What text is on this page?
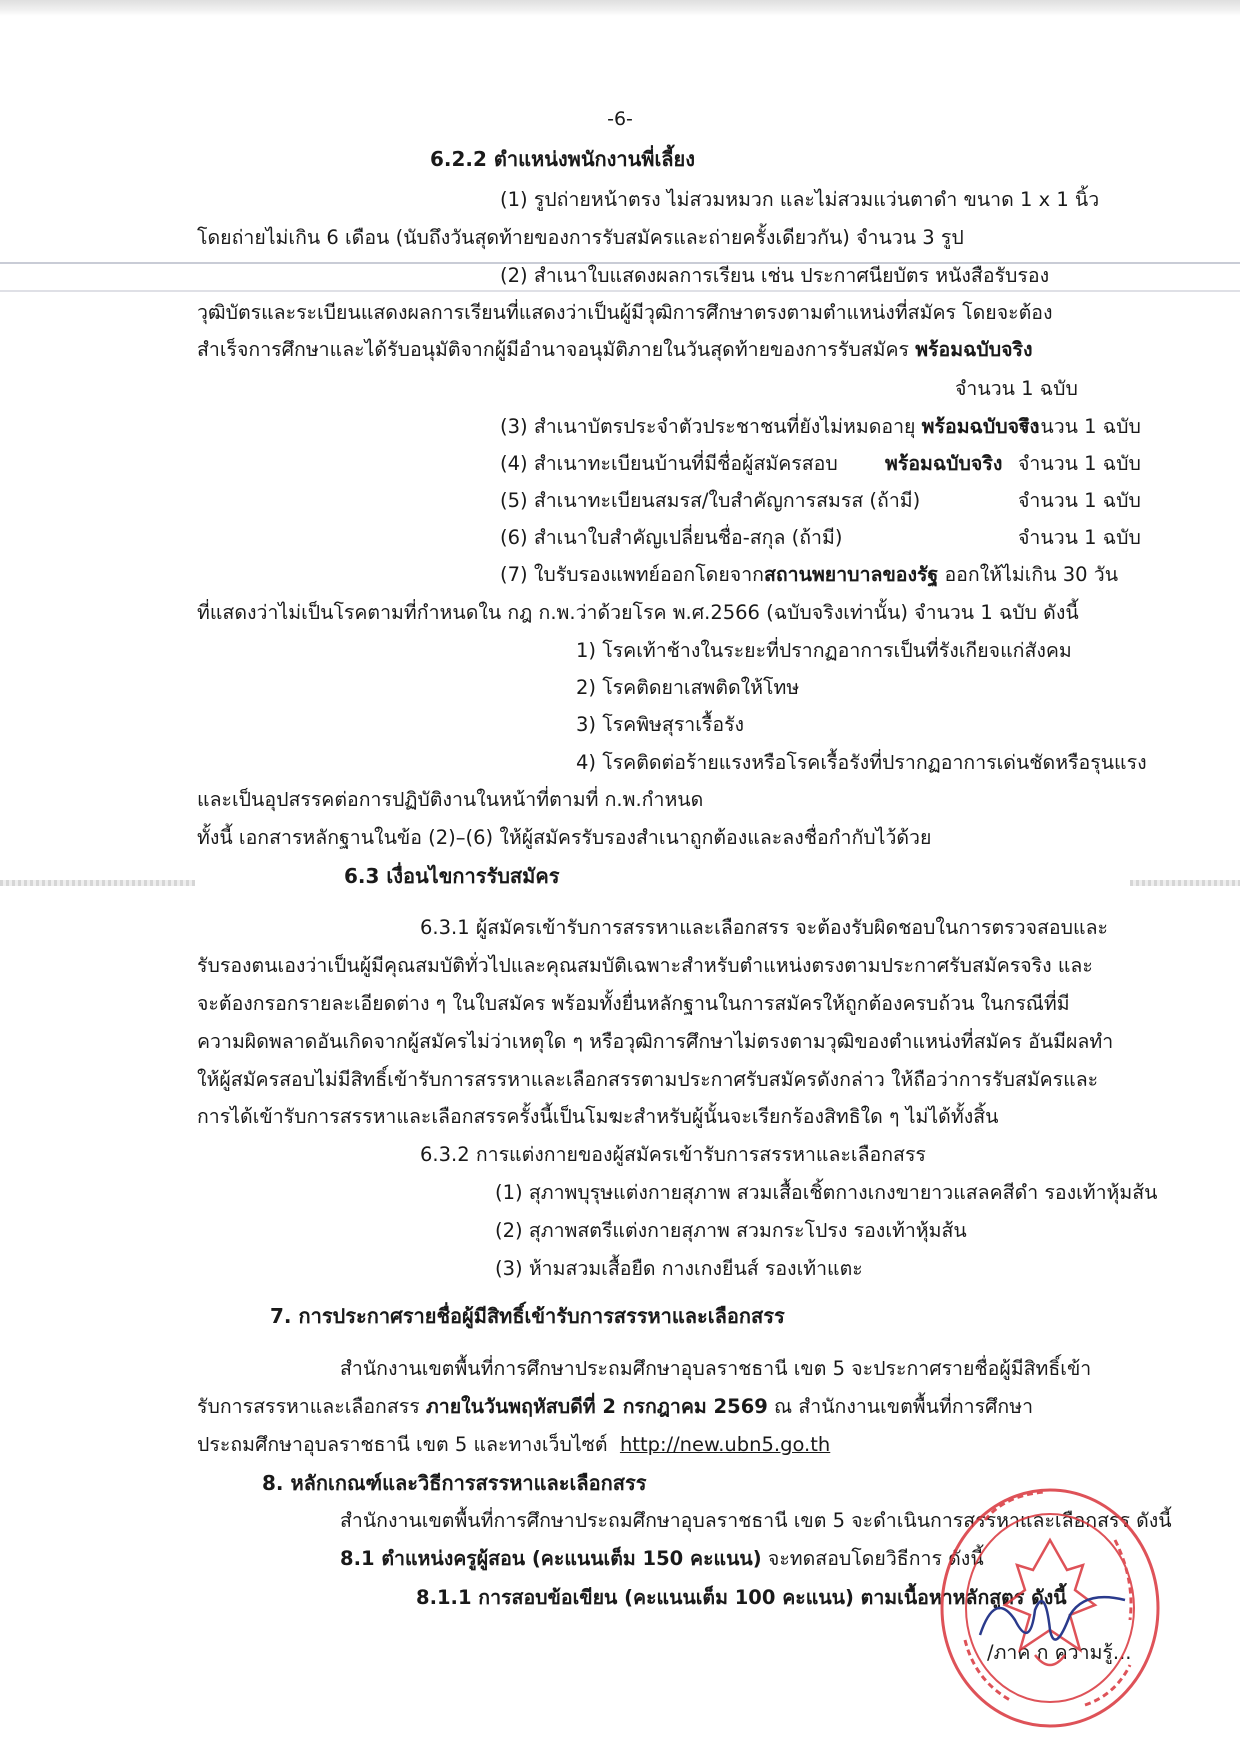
-6-
6.2.2 ตำแหน่งพนักงานพี่เลี้ยง
(1) รูปถ่ายหน้าตรง ไม่สวมหมวก และไม่สวมแว่นตาดำ ขนาด 1 x 1 นิ้ว
โดยถ่ายไม่เกิน 6 เดือน (นับถึงวันสุดท้ายของการรับสมัครและถ่ายครั้งเดียวกัน) จำนวน 3 รูป
(2) สำเนาใบแสดงผลการเรียน เช่น ประกาศนียบัตร หนังสือรับรอง
วุฒิบัตรและระเบียนแสดงผลการเรียนที่แสดงว่าเป็นผู้มีวุฒิการศึกษาตรงตามตำแหน่งที่สมัคร โดยจะต้อง
สำเร็จการศึกษาและได้รับอนุมัติจากผู้มีอำนาจอนุมัติภายในวันสุดท้ายของการรับสมัคร พร้อมฉบับจริง
จำนวน 1 ฉบับ
(3) สำเนาบัตรประจำตัวประชาชนที่ยังไม่หมดอายุ พร้อมฉบับจริง
จำนวน 1 ฉบับ
(4) สำเนาทะเบียนบ้านที่มีชื่อผู้สมัครสอบ พร้อมฉบับจริง จำนวน 1 ฉบับ
(5) สำเนาทะเบียนสมรส/ใบสำคัญการสมรส (ถ้ามี)	จำนวน 1 ฉบับ
(6) สำเนาใบสำคัญเปลี่ยนชื่อ-สกุล (ถ้ามี)	จำนวน 1 ฉบับ
(7) ใบรับรองแพทย์ออกโดยจากสถานพยาบาลของรัฐ ออกให้ไม่เกิน 30 วัน
ที่แสดงว่าไม่เป็นโรคตามที่กำหนดใน กฎ ก.พ.ว่าด้วยโรค พ.ศ.2566 (ฉบับจริงเท่านั้น) จำนวน 1 ฉบับ ดังนี้
1) โรคเท้าช้างในระยะที่ปรากฏอาการเป็นที่รังเกียจแก่สังคม
2) โรคติดยาเสพติดให้โทษ
3) โรคพิษสุราเรื้อรัง
4) โรคติดต่อร้ายแรงหรือโรคเรื้อรังที่ปรากฏอาการเด่นชัดหรือรุนแรง
และเป็นอุปสรรคต่อการปฏิบัติงานในหน้าที่ตามที่ ก.พ.กำหนด
ทั้งนี้ เอกสารหลักฐานในข้อ (2)–(6) ให้ผู้สมัครรับรองสำเนาถูกต้องและลงชื่อกำกับไว้ด้วย
6.3 เงื่อนไขการรับสมัคร
6.3.1 ผู้สมัครเข้ารับการสรรหาและเลือกสรร จะต้องรับผิดชอบในการตรวจสอบและ
รับรองตนเองว่าเป็นผู้มีคุณสมบัติทั่วไปและคุณสมบัติเฉพาะสำหรับตำแหน่งตรงตามประกาศรับสมัครจริง และ
จะต้องกรอกรายละเอียดต่าง ๆ ในใบสมัคร พร้อมทั้งยื่นหลักฐานในการสมัครให้ถูกต้องครบถ้วน ในกรณีที่มี
ความผิดพลาดอันเกิดจากผู้สมัครไม่ว่าเหตุใด ๆ หรือวุฒิการศึกษาไม่ตรงตามวุฒิของตำแหน่งที่สมัคร อันมีผลทำ
ให้ผู้สมัครสอบไม่มีสิทธิ์เข้ารับการสรรหาและเลือกสรรตามประกาศรับสมัครดังกล่าว ให้ถือว่าการรับสมัครและ
การได้เข้ารับการสรรหาและเลือกสรรครั้งนี้เป็นโมฆะสำหรับผู้นั้นจะเรียกร้องสิทธิใด ๆ ไม่ได้ทั้งสิ้น
6.3.2 การแต่งกายของผู้สมัครเข้ารับการสรรหาและเลือกสรร
(1) สุภาพบุรุษแต่งกายสุภาพ สวมเสื้อเชิ้ตกางเกงขายาวแสลคสีดำ รองเท้าหุ้มส้น
(2) สุภาพสตรีแต่งกายสุภาพ สวมกระโปรง รองเท้าหุ้มส้น
(3) ห้ามสวมเสื้อยืด กางเกงยีนส์ รองเท้าแตะ
7. การประกาศรายชื่อผู้มีสิทธิ์เข้ารับการสรรหาและเลือกสรร
สำนักงานเขตพื้นที่การศึกษาประถมศึกษาอุบลราชธานี เขต 5 จะประกาศรายชื่อผู้มีสิทธิ์เข้า
รับการสรรหาและเลือกสรร ภายในวันพฤหัสบดีที่ 2 กรกฎาคม 2569 ณ สำนักงานเขตพื้นที่การศึกษา
ประถมศึกษาอุบลราชธานี เขต 5 และทางเว็บไซต์ http://new.ubn5.go.th
8. หลักเกณฑ์และวิธีการสรรหาและเลือกสรร
สำนักงานเขตพื้นที่การศึกษาประถมศึกษาอุบลราชธานี เขต 5 จะดำเนินการสรรหาและเลือกสรร ดังนี้
8.1 ตำแหน่งครูผู้สอน (คะแนนเต็ม 150 คะแนน) จะทดสอบโดยวิธีการ ดังนี้
8.1.1 การสอบข้อเขียน (คะแนนเต็ม 100 คะแนน) ตามเนื้อหาหลักสูตร ดังนี้
/ภาค ก ความรู้...
